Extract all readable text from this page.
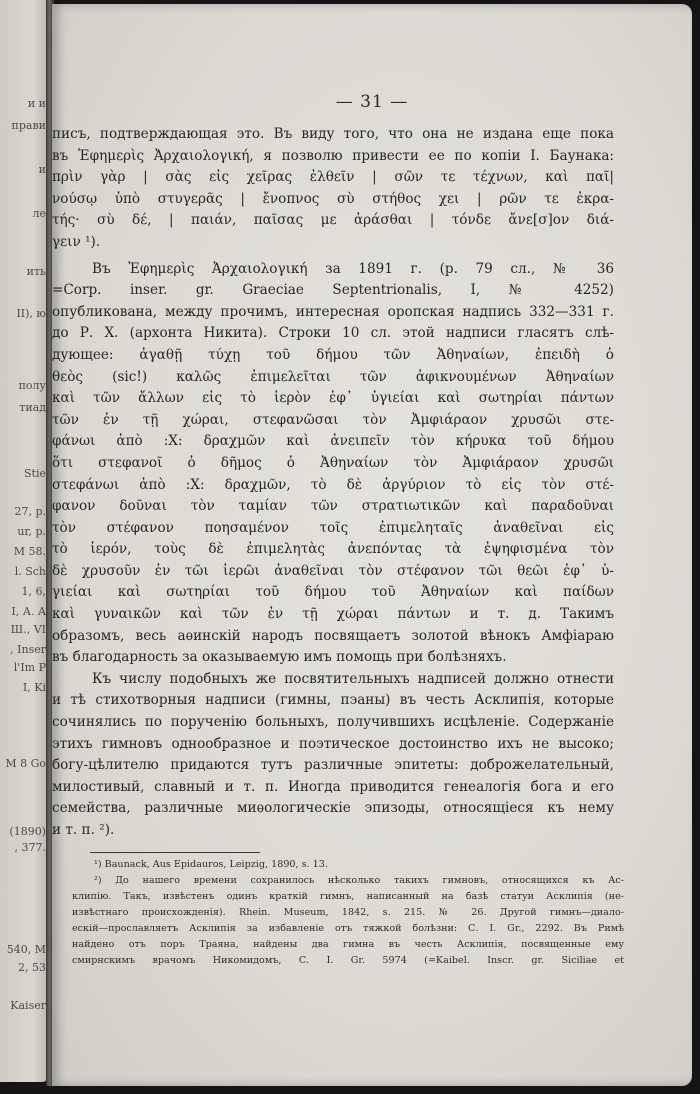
и и
прави
и
ле
ить
ІІ), ю
полу
тиад
Stie
27, p.
ur, p.
M 58.
l. Sch
1, 6,
I, А. A
Ш., VI
, Inser
l'Im P
I, Ki
M 8 Go
(1890)
, 377.
540, M
2, 53
Kaiser
— 31 —
писъ, подтверждающая это. Въ виду того, что она не издана еще пока
въ Ἐφημερὶς Ἀρχαιολογική, я позволю привести ее по копіи І. Баунака:
πρὶν γὰρ | σὰς εἰς χεῖρας ἐλθεῖν | σῶν τε τέχνων, καὶ παῖ|
νούσῳ ὑπὸ στυγερᾶς | ἔνοπνος σὺ στήθος χει | ρῶν τε ἐκρα-
τής· σὺ δέ, | παιάν, παῖσας με ἀράσθαι | τόνδε ἄνε[σ]ον διά-
γειν ¹).
Въ Ἐφημερὶς Ἀρχαιολογική за 1891 г. (р. 79 сл., № 36
=Corp. inser. gr. Graeciae Septentrionalis, I, № 4252)
опубликована, между прочимъ, интересная оропская надпись 332—331 г.
до Р. Х. (архонта Никита). Строки 10 сл. этой надписи гласятъ слѣ-
дующее: ἀγαθῇ τύχῃ τοῦ δήμου τῶν Ἀθηναίων, ἐπειδὴ ὁ
θεὸς (sic!) καλῶς ἐπιμελεῖται τῶν ἀφικνουμένων Ἀθηναίων
καὶ τῶν ἄλλων εἰς τὸ ἱερὸν ἐφ᾽ ὑγιείαι καὶ σωτηρίαι πάντων
τῶν ἐν τῇ χώραι, στεφανῶσαι τὸν Ἀμφιάραον χρυσῶι στε-
φάνωι ἀπὸ :Χ: δραχμῶν καὶ ἀνειπεῖν τὸν κήρυκα τοῦ δήμου
ὅτι στεφανοῖ ὁ δῆμος ὁ Ἀθηναίων τὸν Ἀμφιάραον χρυσῶι
στεφάνωι ἀπὸ :Χ: δραχμῶν, τὸ δὲ ἀργύριον τὸ εἰς τὸν στέ-
φανον δοῦναι τὸν ταμίαν τῶν στρατιωτικῶν καὶ παραδοῦναι
τὸν στέφανον ποησαμένον τοῖς ἐπιμεληταῖς ἀναθεῖναι εἰς
τὸ ἱερόν, τοὺς δὲ ἐπιμελητὰς ἀνεπόντας τὰ ἐψηφισμένα τὸν
δὲ χρυσοῦν ἐν τῶι ἱερῶι ἀναθεῖναι τὸν στέφανον τῶι θεῶι ἐφ᾽ ὑ-
γιείαι καὶ σωτηρίαι τοῦ δήμου τοῦ Ἀθηναίων καὶ παίδων
καὶ γυναικῶν καὶ τῶν ἐν τῇ χώραι πάντων и т. д. Такимъ
образомъ, весь аѳинскій народъ посвящаетъ золотой вѣнокъ Амфіараю
въ благодарность за оказываемую имъ помощь при болѣзняхъ.
Къ числу подобныхъ же посвятительныхъ надписей должно отнести
и тѣ стихотворныя надписи (гимны, пэаны) въ честь Асклипія, которые
сочинялись по порученію больныхъ, получившихъ исцѣленіе. Содержаніе
этихъ гимновъ однообразное и поэтическое достоинство ихъ не высоко;
богу-цѣлителю придаются тутъ различные эпитеты: доброжелательный,
милостивый, славный и т. п. Иногда приводится генеалогія бога и его
семейства, различные миѳологическіе эпизоды, относящіеся къ нему
и т. п. ²).
¹) Baunack, Aus Epidauros, Leipzig, 1890, s. 13.
²) До нашего времени сохранилось нѣсколько такихъ гимновъ, относящихся къ Ас-
клипію. Такъ, извѣстенъ одинъ краткій гимнъ, написанный на базѣ статуи Асклипія (не-
извѣстнаго происхожденія). Rhein. Museum, 1842, s. 215. № 26. Другой гимнъ—диало-
ескій—прославляетъ Асклипія за избавленіе отъ тяжкой болѣзни: С. І. Gr., 2292. Въ Римѣ
найдено отъ поръ Траяна, найдены два гимна въ честь Асклипія, посвященные ему
смирнскимъ врачомъ Никомидомъ, С. І. Gr. 5974 (=Kaibel. Inscr. gr. Siciliae et
